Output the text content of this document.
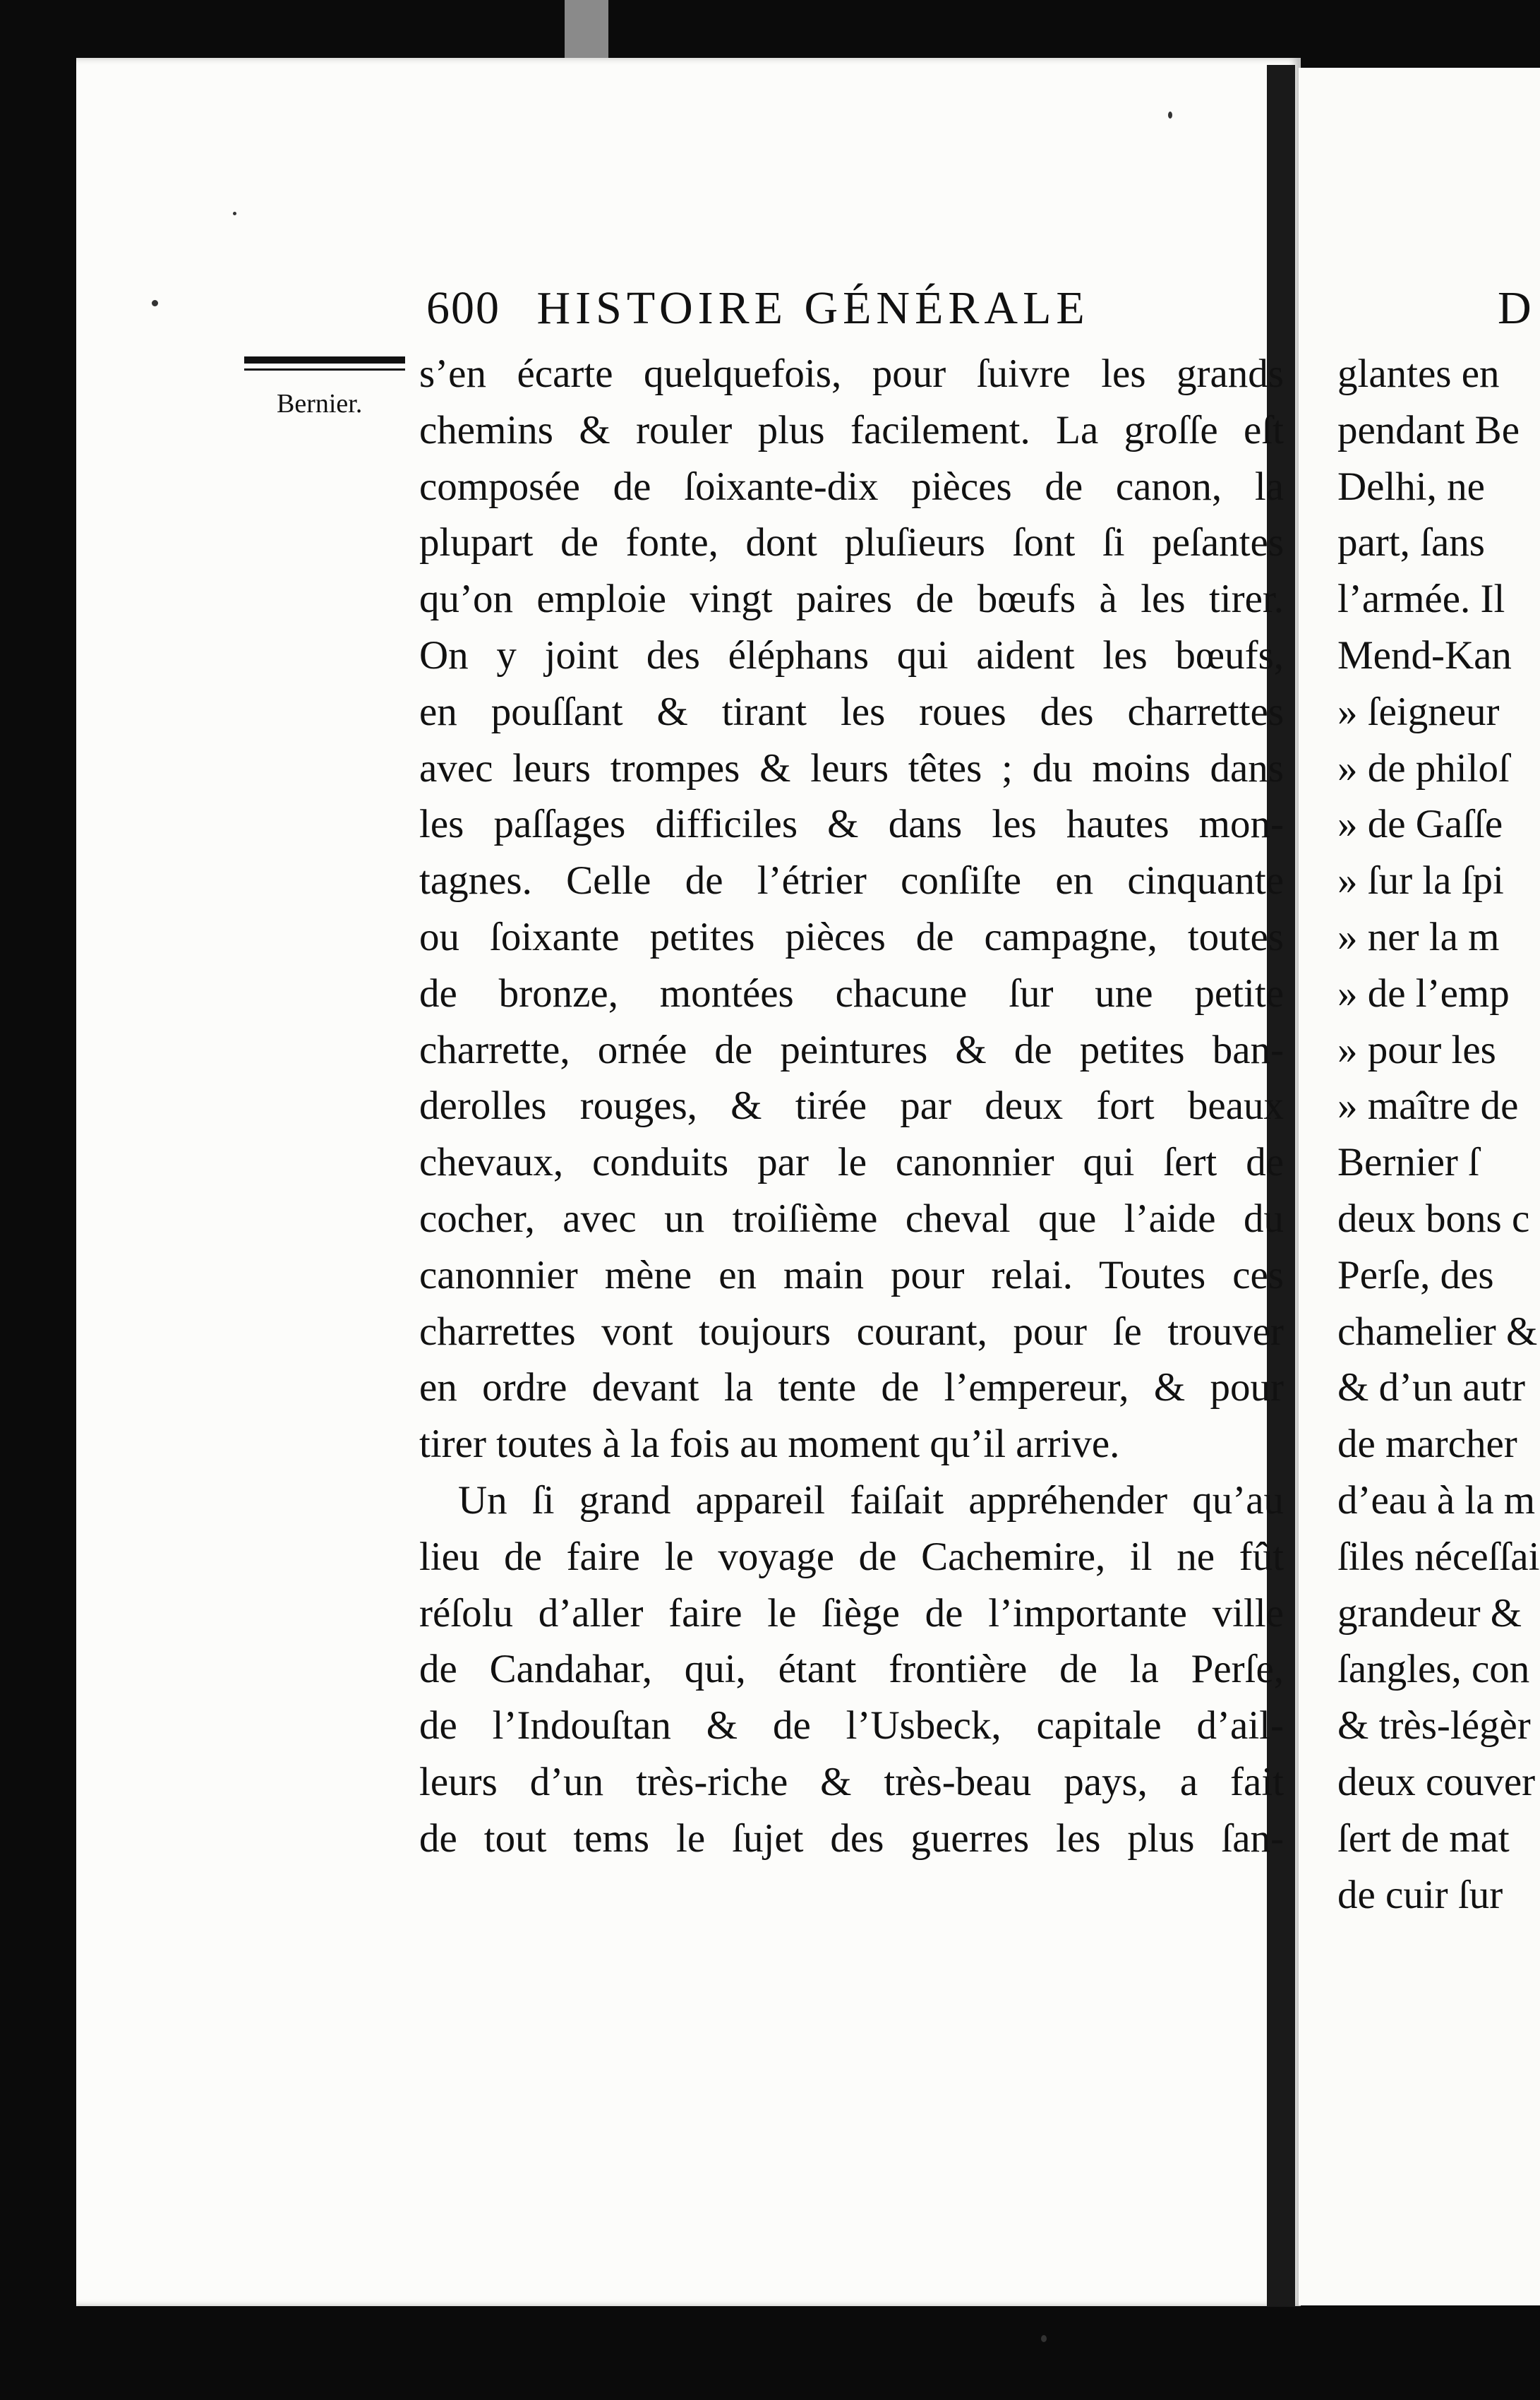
600 HISTOIRE GÉNÉRALE
Bernier.
s’en écarte quelquefois, pour ſuivre les grands
chemins & rouler plus facilement. La groſſe eſt
composée de ſoixante-dix pièces de canon, la
plupart de fonte, dont pluſieurs ſont ſi peſantes
qu’on emploie vingt paires de bœufs à les tirer.
On y joint des éléphans qui aident les bœufs,
en pouſſant & tirant les roues des charrettes
avec leurs trompes & leurs têtes ; du moins dans
les paſſages difficiles & dans les hautes mon-
tagnes. Celle de l’étrier conſiſte en cinquante
ou ſoixante petites pièces de campagne, toutes
de bronze, montées chacune ſur une petite
charrette, ornée de peintures & de petites ban-
derolles rouges, & tirée par deux fort beaux
chevaux, conduits par le canonnier qui ſert de
cocher, avec un troiſième cheval que l’aide du
canonnier mène en main pour relai. Toutes ces
charrettes vont toujours courant, pour ſe trouver
en ordre devant la tente de l’empereur, & pour
tirer toutes à la fois au moment qu’il arrive.
Un ſi grand appareil faiſait appréhender qu’au
lieu de faire le voyage de Cachemire, il ne fût
réſolu d’aller faire le ſiège de l’importante ville
de Candahar, qui, étant frontière de la Perſe,
de l’Indouſtan & de l’Usbeck, capitale d’ail-
leurs d’un très-riche & très-beau pays, a fait
de tout tems le ſujet des guerres les plus ſan-
D
glantes en
pendant Be
Delhi, ne
part, ſans
l’armée. Il
Mend-Kan
» ſeigneur
» de philoſ
» de Gaſſe
» ſur la ſpi
» ner la m
» de l’emp
» pour les
» maître de
Bernier ſ
deux bons c
Perſe, des
chamelier &
& d’un autr
de marcher
d’eau à la m
ſiles néceſſai
grandeur &
ſangles, con
& très-légèr
deux couver
ſert de mat
de cuir ſur
